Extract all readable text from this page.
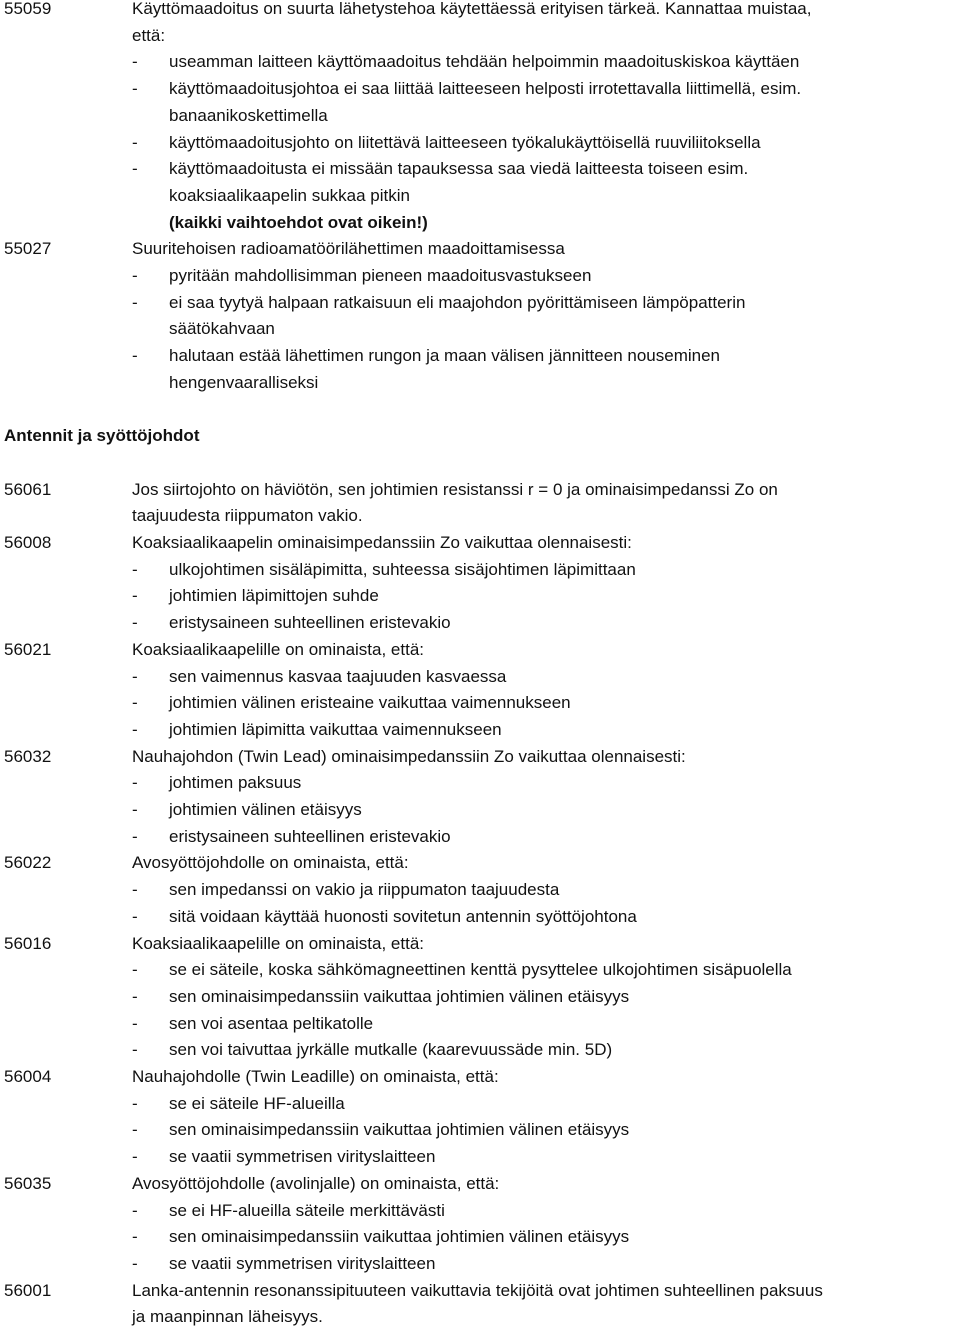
55059	Käyttömaadoitus on suurta lähetystehoa käytettäessä erityisen tärkeä. Kannattaa muistaa,
että:
- useamman laitteen käyttömaadoitus tehdään helpoimmin maadoituskiskoa käyttäen
- käyttömaadoitusjohtoa ei saa liittää laitteeseen helposti irrotettavalla liittimellä, esim.
banaanikoskettimella
- käyttömaadoitusjohto on liitettävä laitteeseen työkalukäyttöisellä ruuviliitoksella
- käyttömaadoitusta ei missään tapauksessa saa viedä laitteesta toiseen esim.
koaksiaalikaapelin sukkaa pitkin
(kaikki vaihtoehdot ovat oikein!)
55027	Suuritehoisen radioamatöörilähettimen maadoittamisessa
- pyritään mahdollisimman pieneen maadoitusvastukseen
- ei saa tyytyä halpaan ratkaisuun eli maajohdon pyörittämiseen lämpöpatterin
säätökahvaan
- halutaan estää lähettimen rungon ja maan välisen jännitteen nouseminen
hengenvaaralliseksi
Antennit ja syöttöjohdot
56061	Jos siirtojohto on häviötön, sen johtimien resistanssi r = 0 ja ominaisimpedanssi Zo on
taajuudesta riippumaton vakio.
56008	Koaksiaalikaapelin ominaisimpedanssiin Zo vaikuttaa olennaisesti:
- ulkojohtimen sisäläpimitta, suhteessa sisäjohtimen läpimittaan
- johtimien läpimittojen suhde
- eristysaineen suhteellinen eristevakio
56021	Koaksiaalikaapelille on ominaista, että:
- sen vaimennus kasvaa taajuuden kasvaessa
- johtimien välinen eristeaine vaikuttaa vaimennukseen
- johtimien läpimitta vaikuttaa vaimennukseen
56032	Nauhajohdon (Twin Lead) ominaisimpedanssiin Zo vaikuttaa olennaisesti:
- johtimen paksuus
- johtimien välinen etäisyys
- eristysaineen suhteellinen eristevakio
56022	Avosyöttöjohdolle on ominaista, että:
- sen impedanssi on vakio ja riippumaton taajuudesta
- sitä voidaan käyttää huonosti sovitetun antennin syöttöjohtona
56016	Koaksiaalikaapelille on ominaista, että:
- se ei säteile, koska sähkömagneettinen kenttä pysyttelee ulkojohtimen sisäpuolella
- sen ominaisimpedanssiin vaikuttaa johtimien välinen etäisyys
- sen voi asentaa peltikatolle
- sen voi taivuttaa jyrkälle mutkalle (kaarevuussäde min. 5D)
56004	Nauhajohdolle (Twin Leadille) on ominaista, että:
- se ei säteile HF-alueilla
- sen ominaisimpedanssiin vaikuttaa johtimien välinen etäisyys
- se vaatii symmetrisen virityslaitteen
56035	Avosyöttöjohdolle (avolinjalle) on ominaista, että:
- se ei HF-alueilla säteile merkittävästi
- sen ominaisimpedanssiin vaikuttaa johtimien välinen etäisyys
- se vaatii symmetrisen virityslaitteen
56001	Lanka-antennin resonanssipituuteen vaikuttavia tekijöitä ovat johtimen suhteellinen paksuus
ja maanpinnan läheisyys.
